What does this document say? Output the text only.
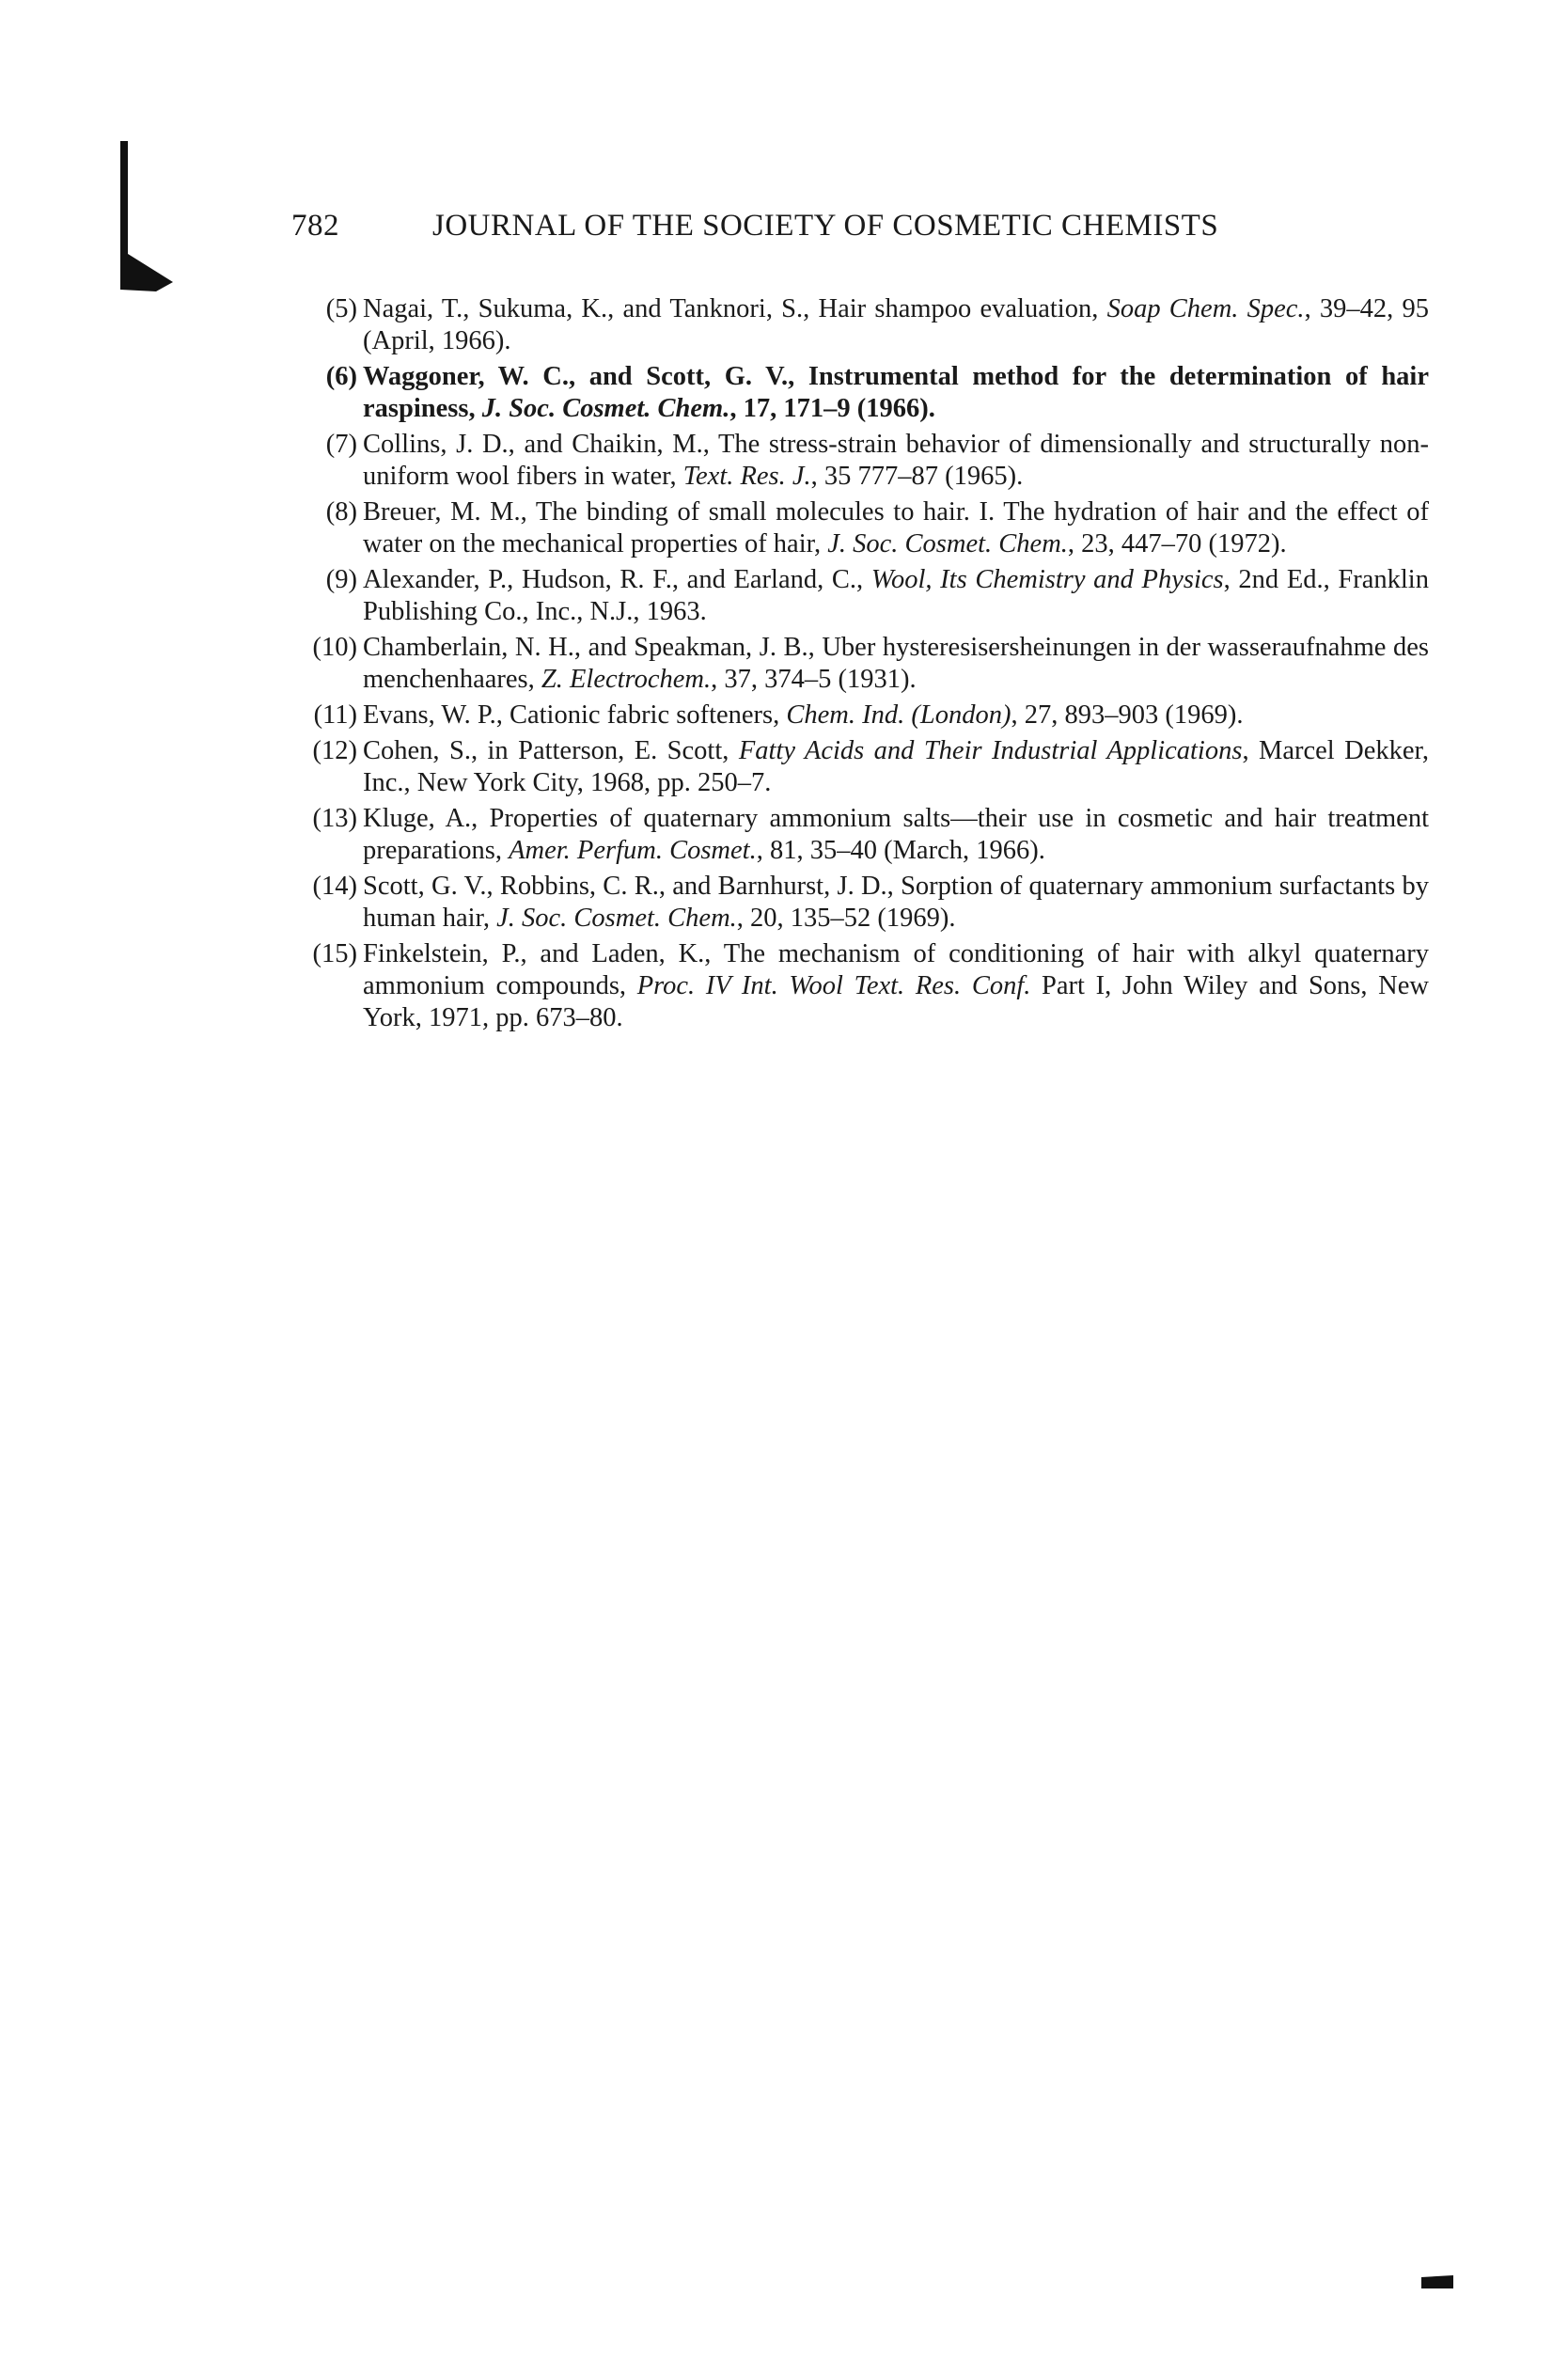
782	JOURNAL OF THE SOCIETY OF COSMETIC CHEMISTS
(5) Nagai, T., Sukuma, K., and Tanknori, S., Hair shampoo evaluation, Soap Chem. Spec., 39–42, 95 (April, 1966).
(6) Waggoner, W. C., and Scott, G. V., Instrumental method for the determination of hair raspiness, J. Soc. Cosmet. Chem., 17, 171–9 (1966).
(7) Collins, J. D., and Chaikin, M., The stress-strain behavior of dimensionally and structurally non-uniform wool fibers in water, Text. Res. J., 35 777–87 (1965).
(8) Breuer, M. M., The binding of small molecules to hair. I. The hydration of hair and the effect of water on the mechanical properties of hair, J. Soc. Cosmet. Chem., 23, 447–70 (1972).
(9) Alexander, P., Hudson, R. F., and Earland, C., Wool, Its Chemistry and Physics, 2nd Ed., Franklin Publishing Co., Inc., N.J., 1963.
(10) Chamberlain, N. H., and Speakman, J. B., Uber hysteresisersheinungen in der wasseraufnahme des menchenhaares, Z. Electrochem., 37, 374–5 (1931).
(11) Evans, W. P., Cationic fabric softeners, Chem. Ind. (London), 27, 893–903 (1969).
(12) Cohen, S., in Patterson, E. Scott, Fatty Acids and Their Industrial Applications, Marcel Dekker, Inc., New York City, 1968, pp. 250–7.
(13) Kluge, A., Properties of quaternary ammonium salts—their use in cosmetic and hair treatment preparations, Amer. Perfum. Cosmet., 81, 35–40 (March, 1966).
(14) Scott, G. V., Robbins, C. R., and Barnhurst, J. D., Sorption of quaternary ammonium surfactants by human hair, J. Soc. Cosmet. Chem., 20, 135–52 (1969).
(15) Finkelstein, P., and Laden, K., The mechanism of conditioning of hair with alkyl quaternary ammonium compounds, Proc. IV Int. Wool Text. Res. Conf. Part I, John Wiley and Sons, New York, 1971, pp. 673–80.
